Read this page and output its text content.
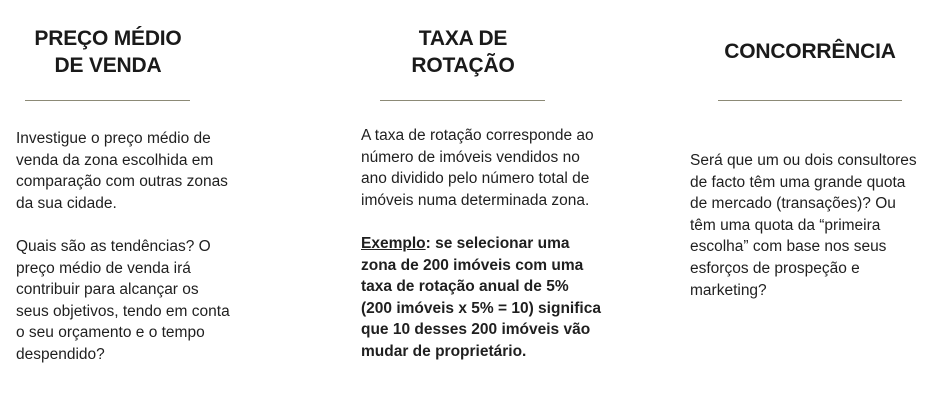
PREÇO MÉDIO
DE VENDA

Investigue o preço médio de venda da zona escolhida em comparação com outras zonas da sua cidade.

Quais são as tendências? O preço médio de venda irá contribuir para alcançar os seus objetivos, tendo em conta o seu orçamento e o tempo despendido?

TAXA DE
ROTAÇÃO

A taxa de rotação corresponde ao número de imóveis vendidos no ano dividido pelo número total de imóveis numa determinada zona.

Exemplo: se selecionar uma zona de 200 imóveis com uma taxa de rotação anual de 5% (200 imóveis x 5% = 10) significa que 10 desses 200 imóveis vão mudar de proprietário.

CONCORRÊNCIA

Será que um ou dois consultores de facto têm uma grande quota de mercado (transações)? Ou têm uma quota da “primeira escolha” com base nos seus esforços de prospeção e marketing?
